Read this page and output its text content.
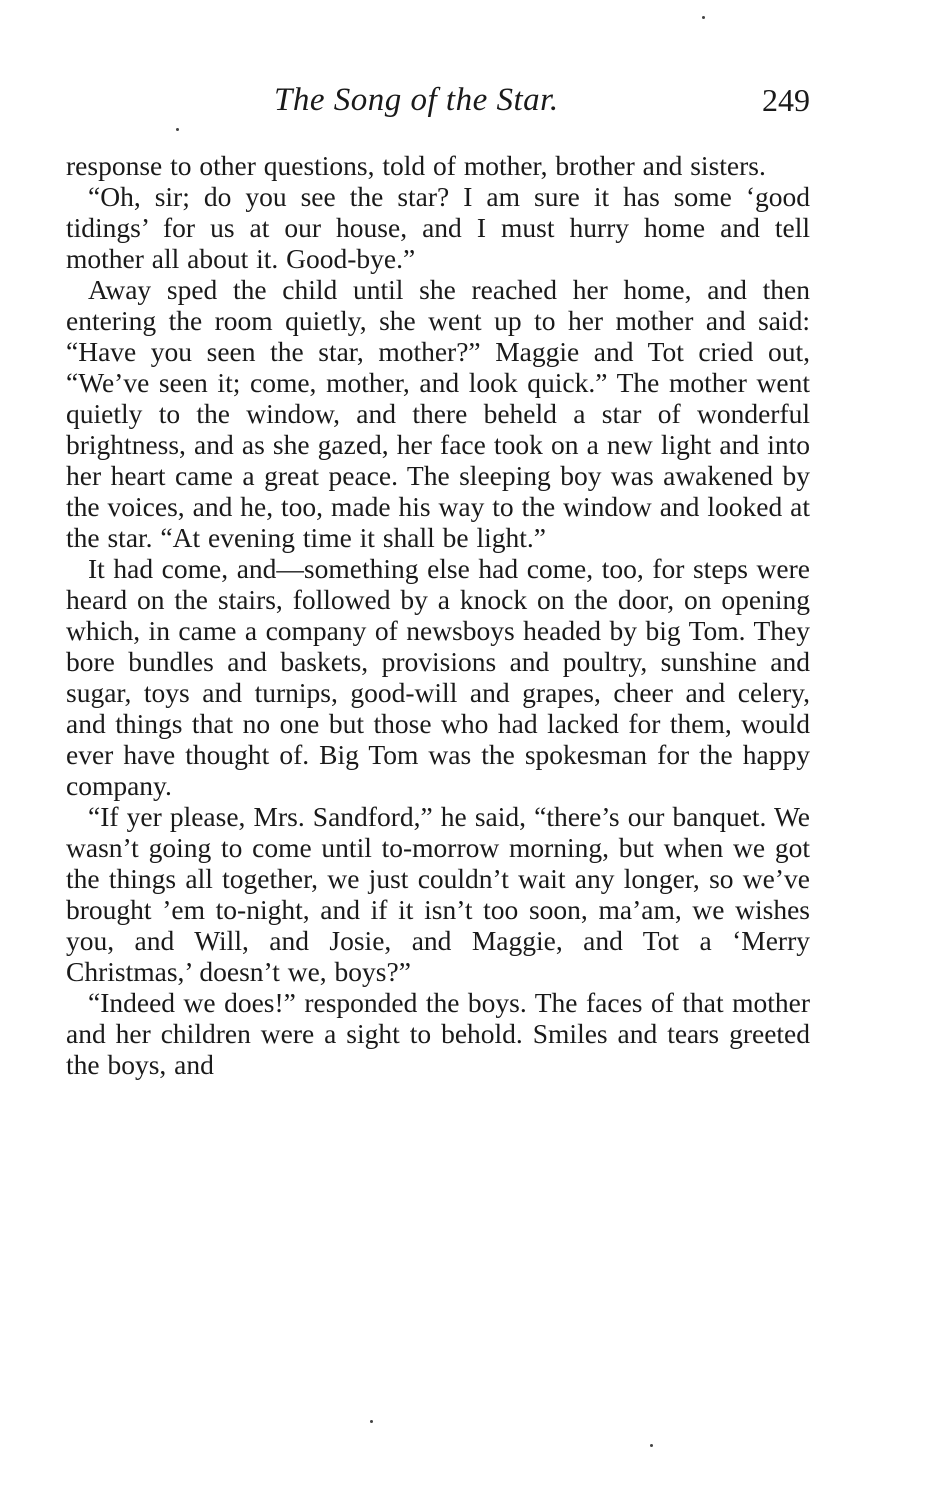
The Song of the Star.	249

response to other questions, told of mother, brother and sisters.

“Oh, sir; do you see the star? I am sure it has some ‘good tidings’ for us at our house, and I must hurry home and tell mother all about it. Good-bye.”

Away sped the child until she reached her home, and then entering the room quietly, she went up to her mother and said: “Have you seen the star, mother?” Maggie and Tot cried out, “We’ve seen it; come, mother, and look quick.” The mother went quietly to the window, and there beheld a star of wonderful brightness, and as she gazed, her face took on a new light and into her heart came a great peace. The sleeping boy was awakened by the voices, and he, too, made his way to the window and looked at the star. “At evening time it shall be light.”

It had come, and—something else had come, too, for steps were heard on the stairs, followed by a knock on the door, on opening which, in came a company of newsboys headed by big Tom. They bore bundles and baskets, provisions and poultry, sunshine and sugar, toys and turnips, good-will and grapes, cheer and celery, and things that no one but those who had lacked for them, would ever have thought of. Big Tom was the spokesman for the happy company.

“If yer please, Mrs. Sandford,” he said, “there’s our banquet. We wasn’t going to come until to-morrow morning, but when we got the things all together, we just couldn’t wait any longer, so we’ve brought ’em to-night, and if it isn’t too soon, ma’am, we wishes you, and Will, and Josie, and Maggie, and Tot a ‘Merry Christmas,’ doesn’t we, boys?”

“Indeed we does!” responded the boys. The faces of that mother and her children were a sight to behold. Smiles and tears greeted the boys, and
